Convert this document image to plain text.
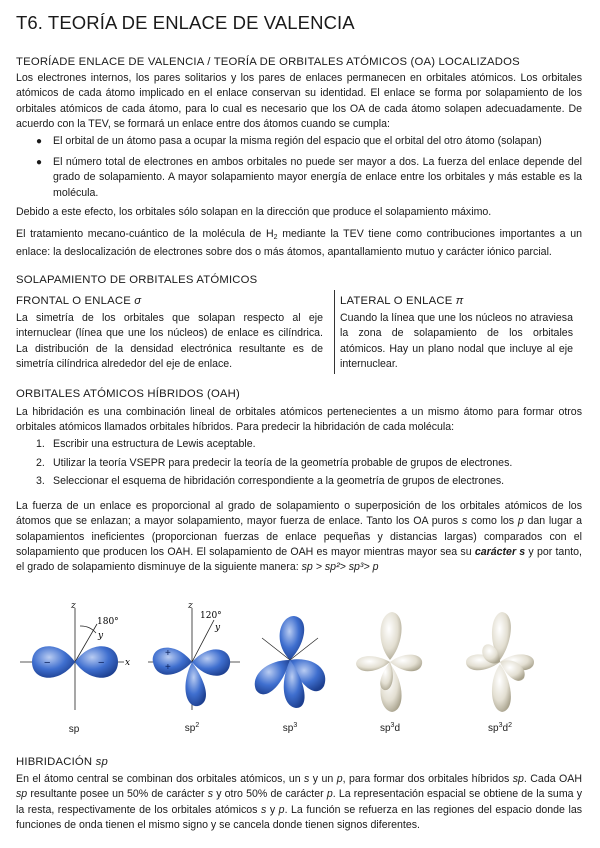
T6. TEORÍA DE ENLACE DE VALENCIA
TEORÍADE ENLACE DE VALENCIA / TEORÍA DE ORBITALES ATÓMICOS (OA) LOCALIZADOS
Los electrones internos, los pares solitarios y los pares de enlaces permanecen en orbitales atómicos. Los orbitales atómicos de cada átomo implicado en el enlace conservan su identidad. El enlace se forma por solapamiento de los orbitales atómicos de cada átomo, para lo cual es necesario que los OA de cada átomo solapen adecuadamente. De acuerdo con la TEV, se formará un enlace entre dos átomos cuando se cumpla:
● El orbital de un átomo pasa a ocupar la misma región del espacio que el orbital del otro átomo (solapan)
● El número total de electrones en ambos orbitales no puede ser mayor a dos. La fuerza del enlace depende del grado de solapamiento. A mayor solapamiento mayor energía de enlace entre los orbitales y más estable es la molécula.
Debido a este efecto, los orbitales sólo solapan en la dirección que produce el solapamiento máximo.
El tratamiento mecano-cuántico de la molécula de $H_2$ mediante la TEV tiene como contribuciones importantes a un enlace: la deslocalización de electrones sobre dos o más átomos, apantallamiento mutuo y carácter iónico parcial.
SOLAPAMIENTO DE ORBITALES ATÓMICOS
FRONTAL O ENLACE σ
La simetría de los orbitales que solapan respecto al eje internuclear (línea que une los núcleos) de enlace es cilíndrica. La distribución de la densidad electrónica resultante es de simetría cilíndrica alrededor del eje de enlace.
LATERAL O ENLACE π
Cuando la línea que une los núcleos no atraviesa la zona de solapamiento de los orbitales atómicos. Hay un plano nodal que incluye al eje internuclear.
ORBITALES ATÓMICOS HÍBRIDOS (OAH)
La hibridación es una combinación lineal de orbitales atómicos pertenecientes a un mismo átomo para formar otros orbitales atómicos llamados orbitales híbridos. Para predecir la hibridación de cada molécula:
1. Escribir una estructura de Lewis aceptable.
2. Utilizar la teoría VSEPR para predecir la teoría de la geometría probable de grupos de electrones.
3. Seleccionar el esquema de hibridación correspondiente a la geometría de grupos de electrones.
La fuerza de un enlace es proporcional al grado de solapamiento o superposición de los orbitales atómicos de los átomos que se enlazan; a mayor solapamiento, mayor fuerza de enlace. Tanto los OA puros s como los p dan lugar a solapamientos ineficientes (proporcionan fuerzas de enlace pequeñas y distancias largas) comparados con el solapamiento que producen los OAH. El solapamiento de OAH es mayor mientras mayor sea su carácter s y por tanto, el grado de solapamiento disminuye de la siguiente manera: sp > sp²> sp³> p
180°
z
y
x
−	−
120°
z
y
+
+
sp	$sp^2$	$sp^3$	$sp^3d$	$sp^3d^2$
HIBRIDACIÓN sp
En el átomo central se combinan dos orbitales atómicos, un s y un p, para formar dos orbitales híbridos sp. Cada OAH sp resultante posee un 50% de carácter s y otro 50% de carácter p. La representación espacial se obtiene de la suma y la resta, respectivamente de los orbitales atómicos s y p. La función se refuerza en las regiones del espacio donde las funciones de onda tienen el mismo signo y se cancela donde tienen signos diferentes.
